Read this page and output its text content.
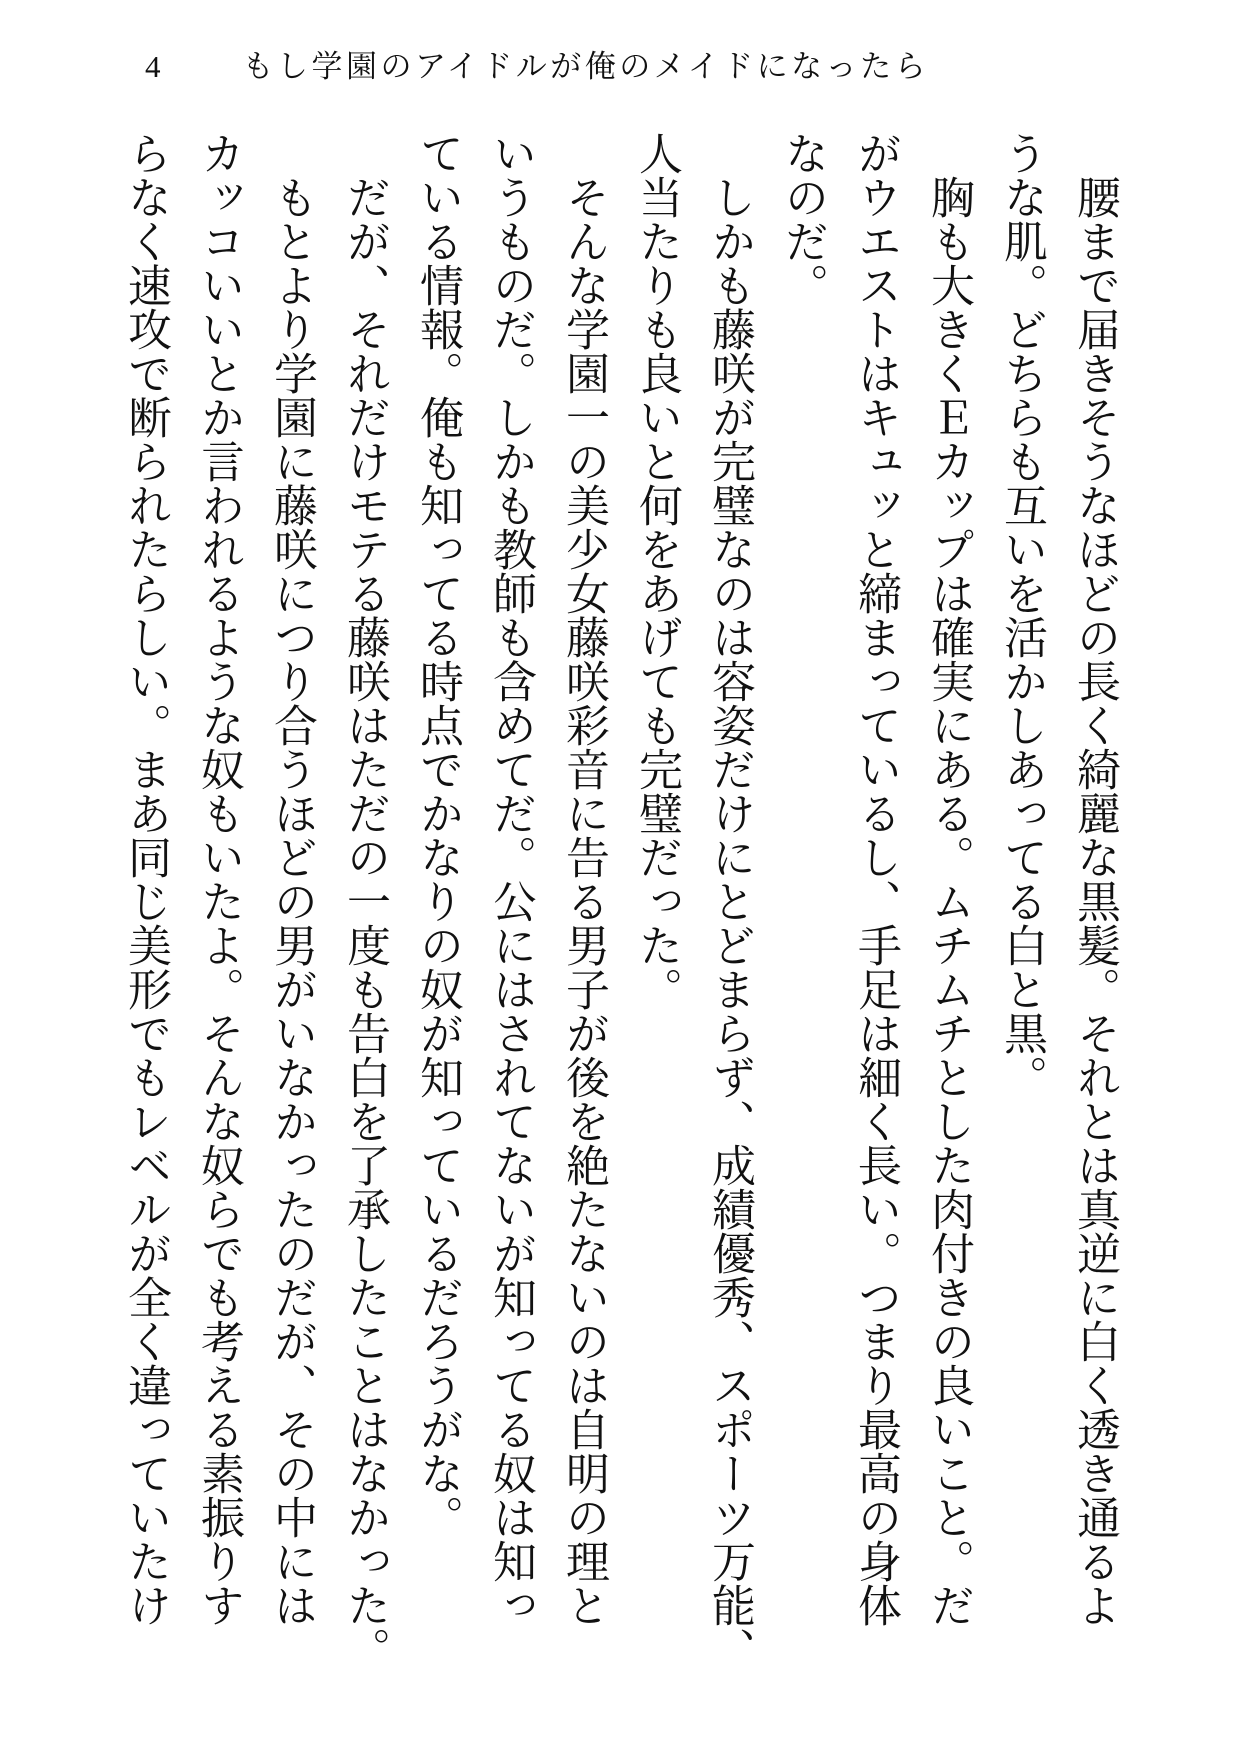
4	もし学園のアイドルが俺のメイドになったら
　腰まで届きそうなほどの長く綺麗な黒髪。それとは真逆に白く透き通るよ
うな肌。どちらも互いを活かしあってる白と黒。
　胸も大きくＥカップは確実にある。ムチムチとした肉付きの良いこと。だ
がウエストはキュッと締まっているし、手足は細く長い。つまり最高の身体
なのだ。
　しかも藤咲が完璧なのは容姿だけにとどまらず、成績優秀、スポーツ万能、
人当たりも良いと何をあげても完璧だった。
　そんな学園一の美少女藤咲彩音に告る男子が後を絶たないのは自明の理と
いうものだ。しかも教師も含めてだ。公にはされてないが知ってる奴は知っ
ている情報。俺も知ってる時点でかなりの奴が知っているだろうがな。
　だが、それだけモテる藤咲はただの一度も告白を了承したことはなかった。
　もとより学園に藤咲につり合うほどの男がいなかったのだが、その中には
カッコいいとか言われるような奴もいたよ。そんな奴らでも考える素振りす
らなく速攻で断られたらしい。まあ同じ美形でもレベルが全く違っていたけ
